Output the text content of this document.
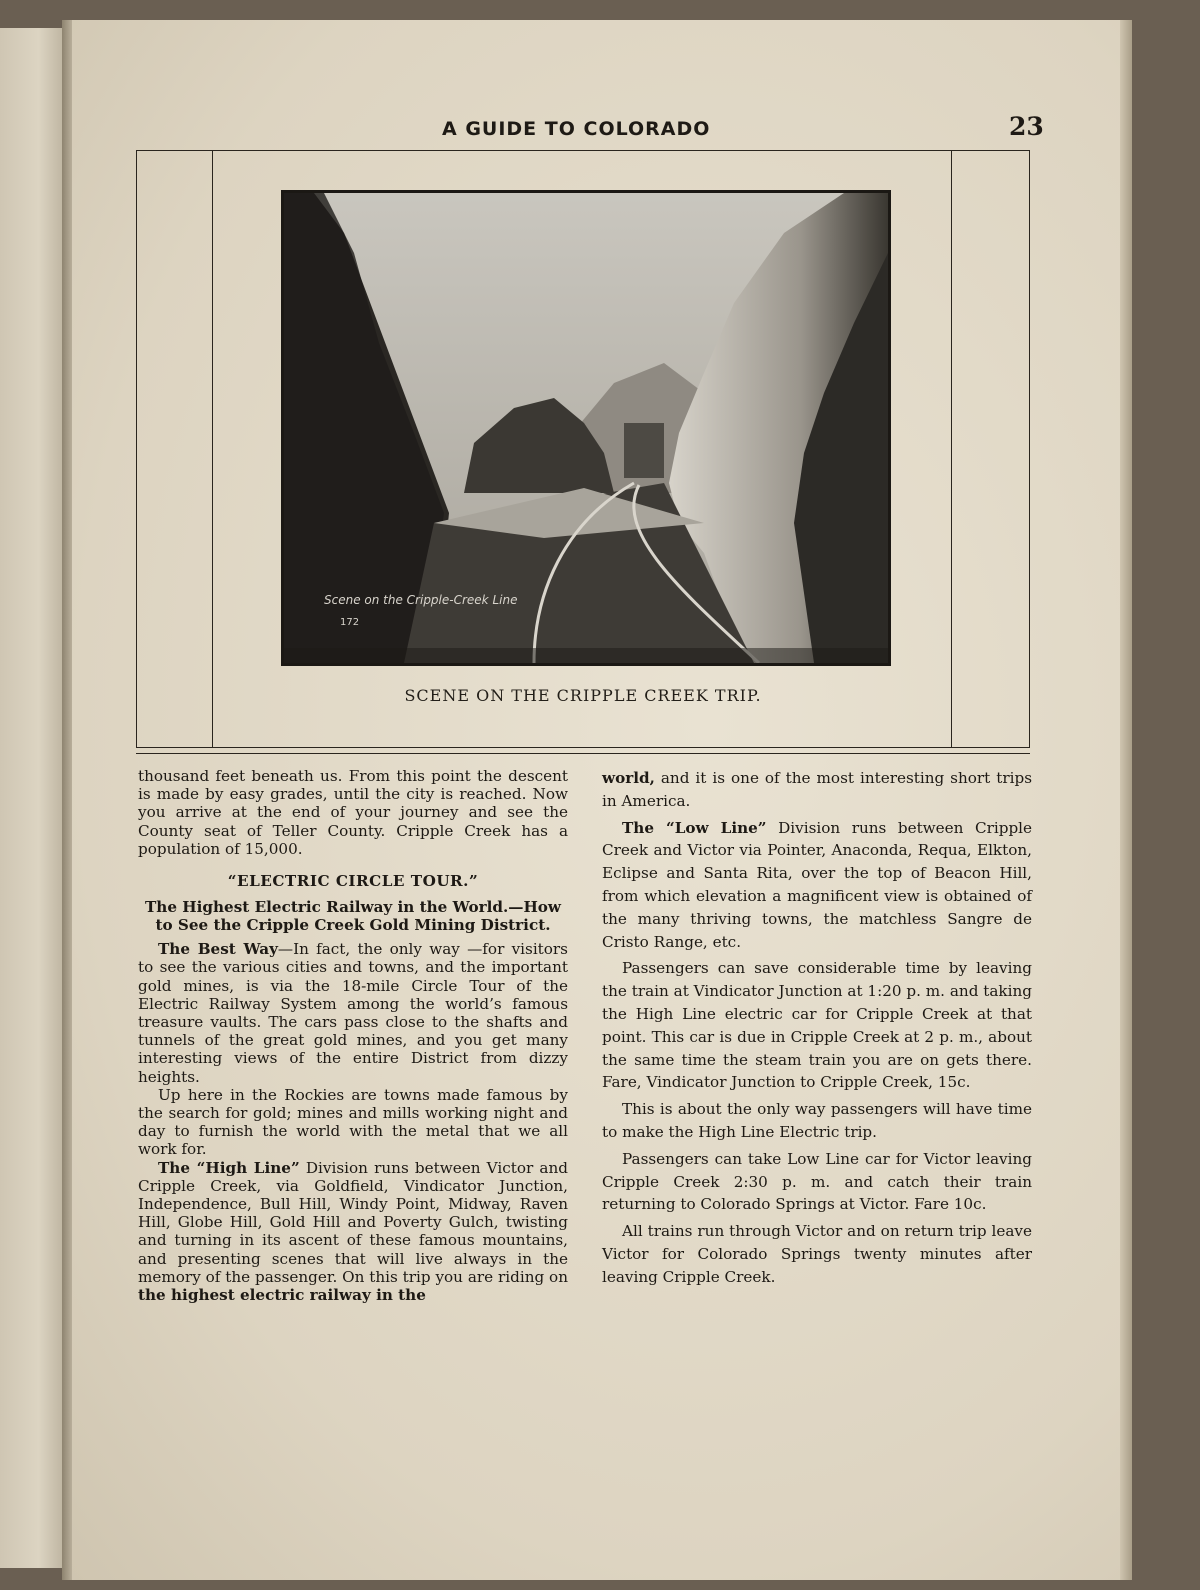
A GUIDE TO COLORADO	23
Scene on the Cripple-Creek Line
172
SCENE ON THE CRIPPLE CREEK TRIP.

thousand feet beneath us. From this point the descent is made by easy grades, until the city is reached. Now you arrive at the end of your journey and see the County seat of Teller County. Cripple Creek has a population of 15,000.

“ELECTRIC CIRCLE TOUR.”

The Highest Electric Railway in the World.—How to See the Cripple Creek Gold Mining District.

The Best Way—In fact, the only way —for visitors to see the various cities and towns, and the important gold mines, is via the 18-mile Circle Tour of the Electric Railway System among the world’s famous treasure vaults. The cars pass close to the shafts and tunnels of the great gold mines, and you get many interesting views of the entire District from dizzy heights.

Up here in the Rockies are towns made famous by the search for gold; mines and mills working night and day to furnish the world with the metal that we all work for.

The “High Line” Division runs between Victor and Cripple Creek, via Goldfield, Vindicator Junction, Independence, Bull Hill, Windy Point, Midway, Raven Hill, Globe Hill, Gold Hill and Poverty Gulch, twisting and turning in its ascent of these famous mountains, and presenting scenes that will live always in the memory of the passenger. On this trip you are riding on the highest electric railway in the

world, and it is one of the most interesting short trips in America.

The “Low Line” Division runs between Cripple Creek and Victor via Pointer, Anaconda, Requa, Elkton, Eclipse and Santa Rita, over the top of Beacon Hill, from which elevation a magnificent view is obtained of the many thriving towns, the matchless Sangre de Cristo Range, etc.

Passengers can save considerable time by leaving the train at Vindicator Junction at 1:20 p. m. and taking the High Line electric car for Cripple Creek at that point. This car is due in Cripple Creek at 2 p. m., about the same time the steam train you are on gets there. Fare, Vindicator Junction to Cripple Creek, 15c.

This is about the only way passengers will have time to make the High Line Electric trip.

Passengers can take Low Line car for Victor leaving Cripple Creek 2:30 p. m. and catch their train returning to Colorado Springs at Victor. Fare 10c.

All trains run through Victor and on return trip leave Victor for Colorado Springs twenty minutes after leaving Cripple Creek.
